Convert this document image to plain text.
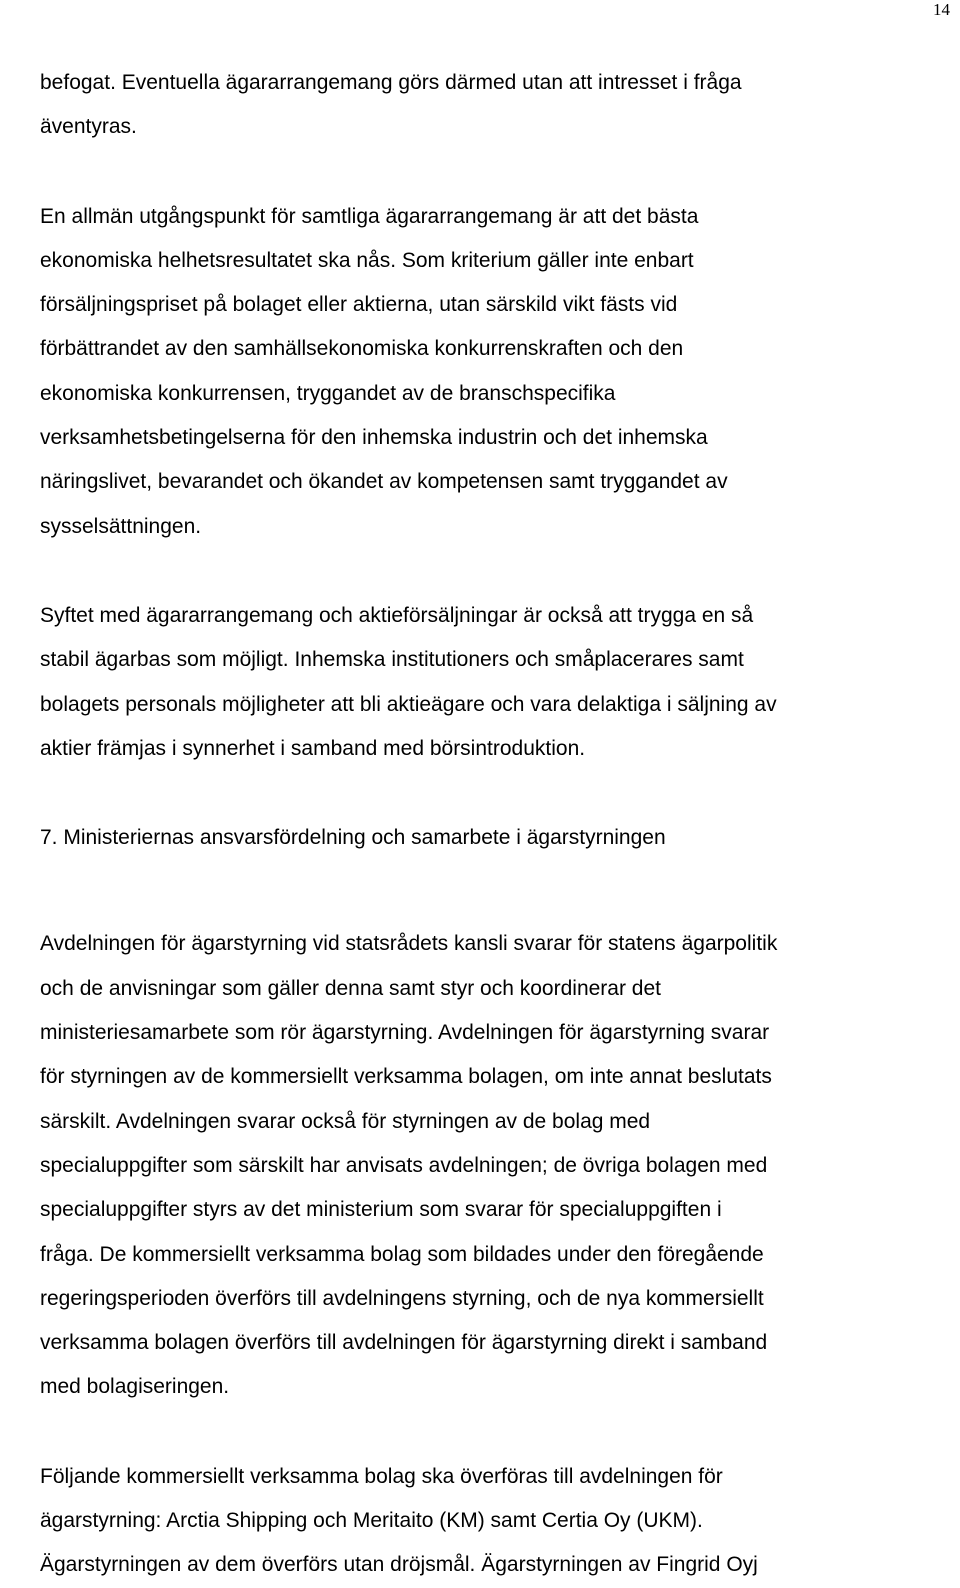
14

befogat. Eventuella ägararrangemang görs därmed utan att intresset i fråga
äventyras.

En allmän utgångspunkt för samtliga ägararrangemang är att det bästa
ekonomiska helhetsresultatet ska nås. Som kriterium gäller inte enbart
försäljningspriset på bolaget eller aktierna, utan särskild vikt fästs vid
förbättrandet av den samhällsekonomiska konkurrenskraften och den
ekonomiska konkurrensen, tryggandet av de branschspecifika
verksamhetsbetingelserna för den inhemska industrin och det inhemska
näringslivet, bevarandet och ökandet av kompetensen samt tryggandet av
sysselsättningen.

Syftet med ägararrangemang och aktieförsäljningar är också att trygga en så
stabil ägarbas som möjligt. Inhemska institutioners och småplacerares samt
bolagets personals möjligheter att bli aktieägare och vara delaktiga i säljning av
aktier främjas i synnerhet i samband med börsintroduktion.

7. Ministeriernas ansvarsfördelning och samarbete i ägarstyrningen

Avdelningen för ägarstyrning vid statsrådets kansli svarar för statens ägarpolitik
och de anvisningar som gäller denna samt styr och koordinerar det
ministeriesamarbete som rör ägarstyrning. Avdelningen för ägarstyrning svarar
för styrningen av de kommersiellt verksamma bolagen, om inte annat beslutats
särskilt. Avdelningen svarar också för styrningen av de bolag med
specialuppgifter som särskilt har anvisats avdelningen; de övriga bolagen med
specialuppgifter styrs av det ministerium som svarar för specialuppgiften i
fråga. De kommersiellt verksamma bolag som bildades under den föregående
regeringsperioden överförs till avdelningens styrning, och de nya kommersiellt
verksamma bolagen överförs till avdelningen för ägarstyrning direkt i samband
med bolagiseringen.

Följande kommersiellt verksamma bolag ska överföras till avdelningen för
ägarstyrning: Arctia Shipping och Meritaito (KM) samt Certia Oy (UKM).
Ägarstyrningen av dem överförs utan dröjsmål. Ägarstyrningen av Fingrid Oyj
